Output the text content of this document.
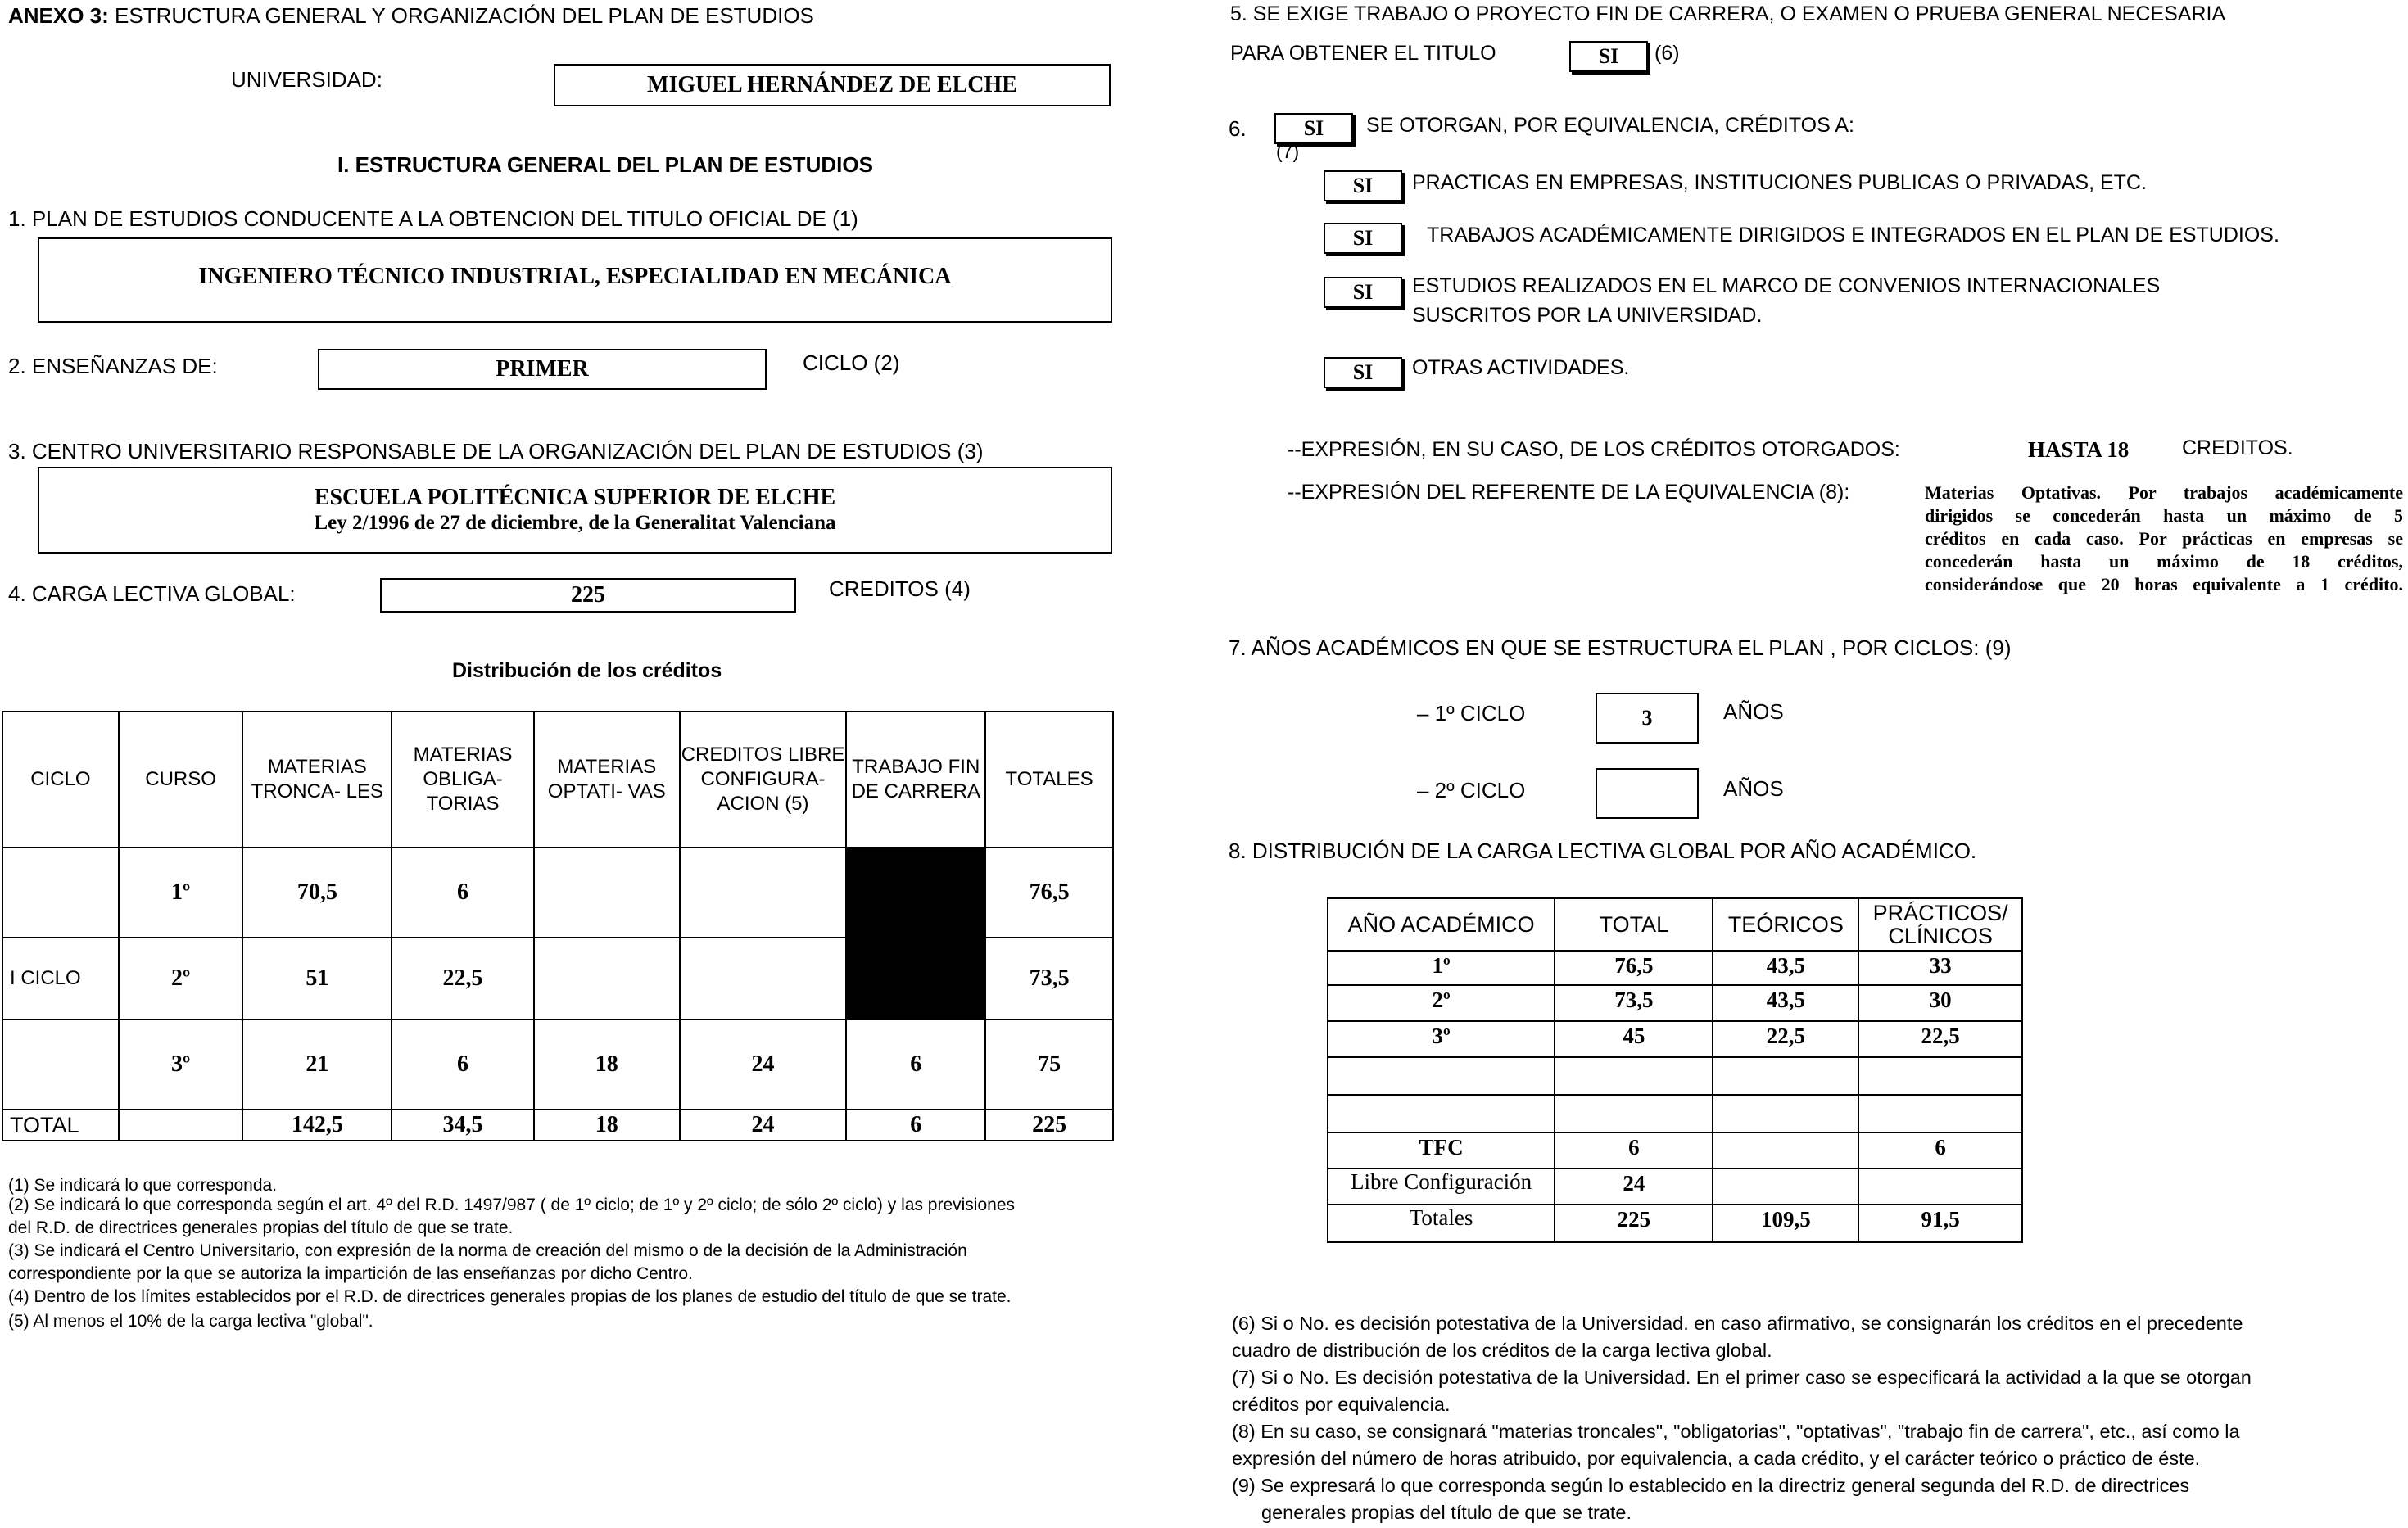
ANEXO 3: ESTRUCTURA GENERAL Y ORGANIZACIÓN DEL PLAN DE ESTUDIOS
UNIVERSIDAD:	MIGUEL HERNÁNDEZ DE ELCHE
I. ESTRUCTURA GENERAL DEL PLAN DE ESTUDIOS
1. PLAN DE ESTUDIOS CONDUCENTE A LA OBTENCION DEL TITULO OFICIAL DE (1)
INGENIERO TÉCNICO INDUSTRIAL, ESPECIALIDAD EN MECÁNICA
2. ENSEÑANZAS DE:	PRIMER	CICLO (2)
3. CENTRO UNIVERSITARIO RESPONSABLE DE LA ORGANIZACIÓN DEL PLAN DE ESTUDIOS (3)
ESCUELA POLITÉCNICA SUPERIOR DE ELCHE
Ley 2/1996 de 27 de diciembre, de la Generalitat Valenciana
4. CARGA LECTIVA GLOBAL:	225	CREDITOS (4)
Distribución de los créditos
CICLO	CURSO	MATERIAS TRONCA- LES	MATERIAS OBLIGA- TORIAS	MATERIAS OPTATI- VAS	CREDITOS LIBRE CONFIGURA- ACION (5)	TRABAJO FIN DE CARRERA	TOTALES
	1º	70,5	6				76,5
I CICLO	2º	51	22,5				73,5
	3º	21	6	18	24	6	75
TOTAL		142,5	34,5	18	24	6	225
(1) Se indicará lo que corresponda.
(2) Se indicará lo que corresponda según el art. 4º del R.D. 1497/987 ( de 1º ciclo; de 1º y 2º ciclo; de sólo 2º ciclo) y las previsiones
del R.D. de directrices generales propias del título de que se trate.
(3) Se indicará el Centro Universitario, con expresión de la norma de creación del mismo o de la decisión de la Administración
correspondiente por la que se autoriza la impartición de las enseñanzas por dicho Centro.
(4) Dentro de los límites establecidos por el R.D. de directrices generales propias de los planes de estudio del título de que se trate.
(5) Al menos el 10% de la carga lectiva "global".
5. SE EXIGE TRABAJO O PROYECTO FIN DE CARRERA, O EXAMEN O PRUEBA GENERAL NECESARIA
PARA OBTENER EL TITULO	SI (6)
6.	SI SE OTORGAN, POR EQUIVALENCIA, CRÉDITOS A:
(7)
SI PRACTICAS EN EMPRESAS, INSTITUCIONES PUBLICAS O PRIVADAS, ETC.
SI	TRABAJOS ACADÉMICAMENTE DIRIGIDOS E INTEGRADOS EN EL PLAN DE ESTUDIOS.
SI ESTUDIOS REALIZADOS EN EL MARCO DE CONVENIOS INTERNACIONALES
SUSCRITOS POR LA UNIVERSIDAD.
SI OTRAS ACTIVIDADES.
--EXPRESIÓN, EN SU CASO, DE LOS CRÉDITOS OTORGADOS:	HASTA 18	CREDITOS.
--EXPRESIÓN DEL REFERENTE DE LA EQUIVALENCIA (8):	Materias Optativas. Por trabajos académicamente
dirigidos se concederán hasta un máximo de 5
créditos en cada caso. Por prácticas en empresas se
concederán hasta un máximo de 18 créditos,
considerándose que 20 horas equivalente a 1 crédito.
7. AÑOS ACADÉMICOS EN QUE SE ESTRUCTURA EL PLAN , POR CICLOS: (9)
– 1º CICLO	3	AÑOS
– 2º CICLO	AÑOS
8. DISTRIBUCIÓN DE LA CARGA LECTIVA GLOBAL POR AÑO ACADÉMICO.
AÑO ACADÉMICO	TOTAL	TEÓRICOS	PRÁCTICOS/ CLÍNICOS
1º	76,5	43,5	33
2º	73,5	43,5	30
3º	45	22,5	22,5

TFC	6		6
Libre Configuración	24		
Totales	225	109,5	91,5
(6) Si o No. es decisión potestativa de la Universidad. en caso afirmativo, se consignarán los créditos en el precedente
cuadro de distribución de los créditos de la carga lectiva global.
(7) Si o No. Es decisión potestativa de la Universidad. En el primer caso se especificará la actividad a la que se otorgan
créditos por equivalencia.
(8) En su caso, se consignará "materias troncales", "obligatorias", "optativas", "trabajo fin de carrera", etc., así como la
expresión del número de horas atribuido, por equivalencia, a cada crédito, y el carácter teórico o práctico de éste.
(9) Se expresará lo que corresponda según lo establecido en la directriz general segunda del R.D. de directrices
generales propias del título de que se trate.
